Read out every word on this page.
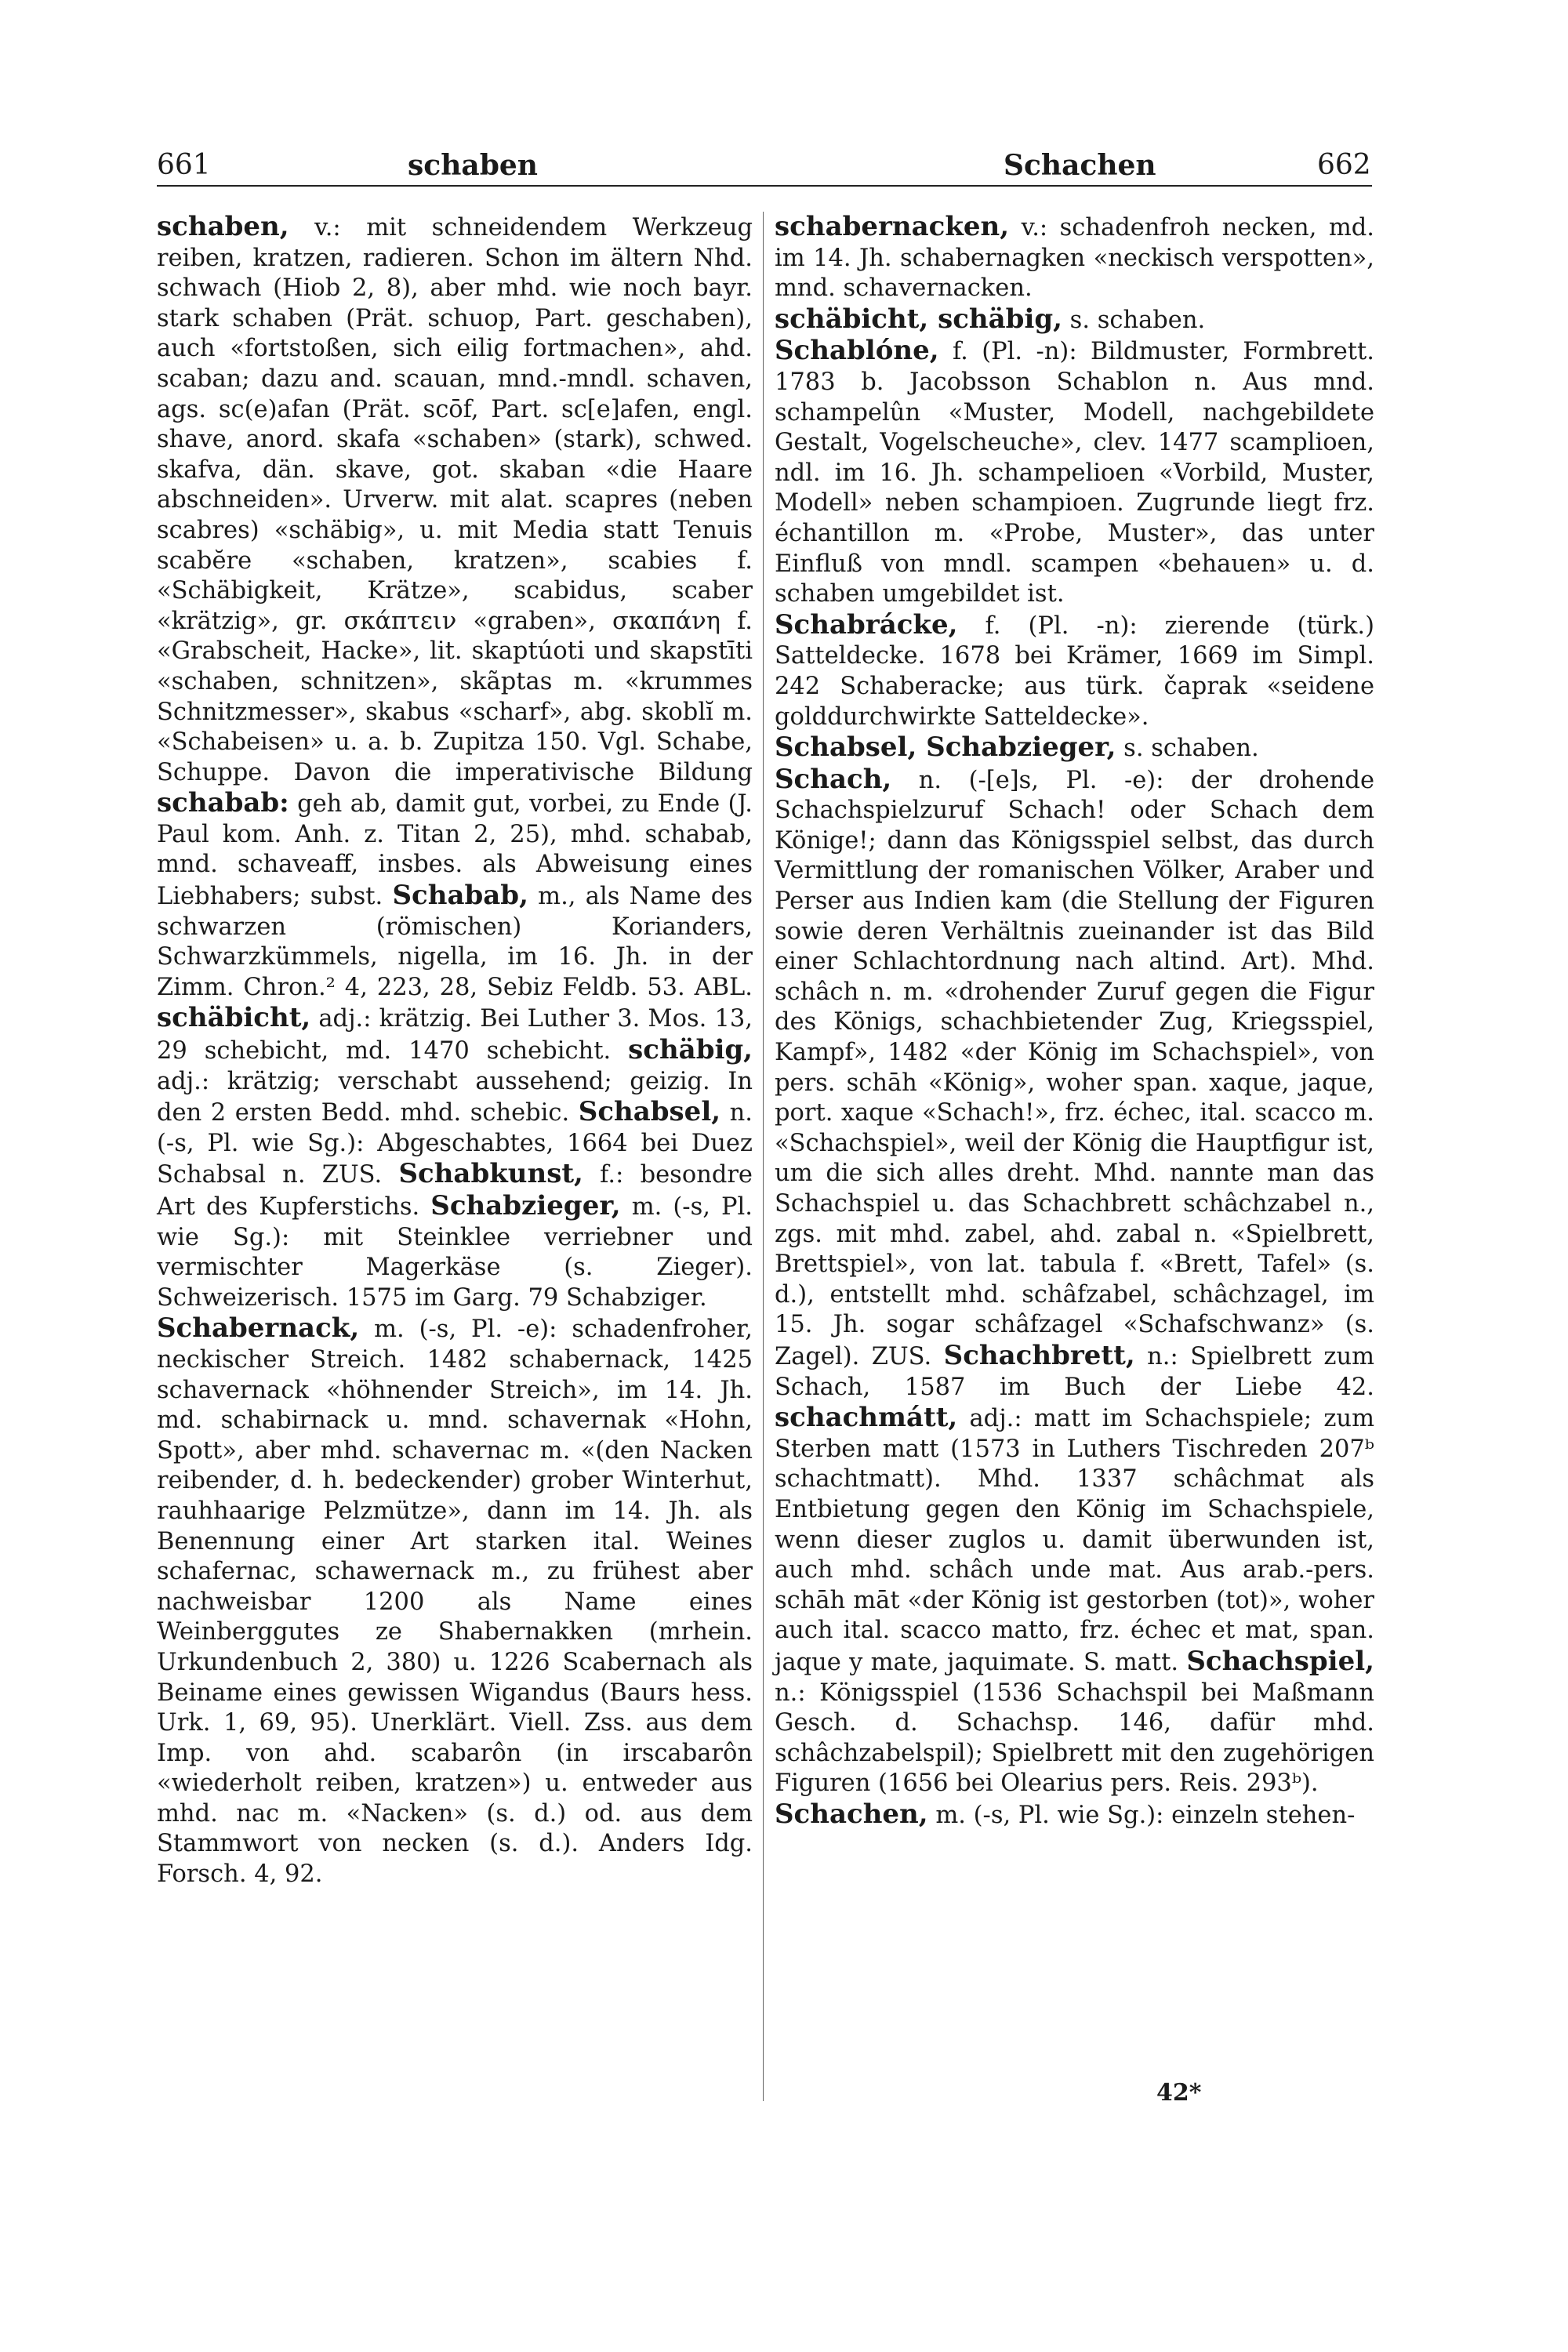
661	schaben	Schachen	662
schaben, v.: mit schneidendem Werkzeug reiben, kratzen, radieren. Schon im ältern Nhd. schwach (Hiob 2, 8), aber mhd. wie noch bayr. stark schaben (Prät. schuop, Part. geschaben), auch «fortstoßen, sich eilig fortmachen», ahd. scaban; dazu and. scauan, mnd.-mndl. schaven, ags. sc(e)afan (Prät. scōf, Part. sc[e]afen, engl. shave, anord. skafa «schaben» (stark), schwed. skafva, dän. skave, got. skaban «die Haare abschneiden». Urverw. mit alat. scapres (neben scabres) «schäbig», u. mit Media statt Tenuis scabĕre «schaben, kratzen», scabies f. «Schäbigkeit, Krätze», scabidus, scaber «krätzig», gr. σκάπτειν «graben», σκαπάνη f. «Grabscheit, Hacke», lit. skaptúoti und skapstīti «schaben, schnitzen», skãptas m. «krummes Schnitzmesser», skabus «scharf», abg. skoblĭ m. «Schabeisen» u. a. b. Zupitza 150. Vgl. Schabe, Schuppe. Davon die imperativische Bildung schabab: geh ab, damit gut, vorbei, zu Ende (J. Paul kom. Anh. z. Titan 2, 25), mhd. schabab, mnd. schaveaff, insbes. als Abweisung eines Liebhabers; subst. Schabab, m., als Name des schwarzen (römischen) Korianders, Schwarzkümmels, nigella, im 16. Jh. in der Zimm. Chron.² 4, 223, 28, Sebiz Feldb. 53. ABL. schäbicht, adj.: krätzig. Bei Luther 3. Mos. 13, 29 schebicht, md. 1470 schebicht. schäbig, adj.: krätzig; verschabt aussehend; geizig. In den 2 ersten Bedd. mhd. schebic. Schabsel, n. (-s, Pl. wie Sg.): Abgeschabtes, 1664 bei Duez Schabsal n. ZUS. Schabkunst, f.: besondre Art des Kupferstichs. Schabzieger, m. (-s, Pl. wie Sg.): mit Steinklee verriebner und vermischter Magerkäse (s. Zieger). Schweizerisch. 1575 im Garg. 79 Schabziger.
Schabernack, m. (-s, Pl. -e): schadenfroher, neckischer Streich. 1482 schabernack, 1425 schavernack «höhnender Streich», im 14. Jh. md. schabirnack u. mnd. schavernak «Hohn, Spott», aber mhd. schavernac m. «(den Nacken reibender, d. h. bedeckender) grober Winterhut, rauhhaarige Pelzmütze», dann im 14. Jh. als Benennung einer Art starken ital. Weines schafernac, schawernack m., zu frühest aber nachweisbar 1200 als Name eines Weinberggutes ze Shabernakken (mrhein. Urkundenbuch 2, 380) u. 1226 Scabernach als Beiname eines gewissen Wigandus (Baurs hess. Urk. 1, 69, 95). Unerklärt. Viell. Zss. aus dem Imp. von ahd. scabarôn (in irscabarôn «wiederholt reiben, kratzen») u. entweder aus mhd. nac m. «Nacken» (s. d.) od. aus dem Stammwort von necken (s. d.). Anders Idg. Forsch. 4, 92.
schabernacken, v.: schadenfroh necken, md. im 14. Jh. schabernagken «neckisch verspotten», mnd. schavernacken.
schäbicht, schäbig, s. schaben.
Schablóne, f. (Pl. -n): Bildmuster, Formbrett. 1783 b. Jacobsson Schablon n. Aus mnd. schampelûn «Muster, Modell, nachgebildete Gestalt, Vogelscheuche», clev. 1477 scamplioen, ndl. im 16. Jh. schampelioen «Vorbild, Muster, Modell» neben schampioen. Zugrunde liegt frz. échantillon m. «Probe, Muster», das unter Einfluß von mndl. scampen «behauen» u. d. schaben umgebildet ist.
Schabrácke, f. (Pl. -n): zierende (türk.) Satteldecke. 1678 bei Krämer, 1669 im Simpl. 242 Schaberacke; aus türk. čaprak «seidene golddurchwirkte Satteldecke».
Schabsel, Schabzieger, s. schaben.
Schach, n. (-[e]s, Pl. -e): der drohende Schachspielzuruf Schach! oder Schach dem Könige!; dann das Königsspiel selbst, das durch Vermittlung der romanischen Völker, Araber und Perser aus Indien kam (die Stellung der Figuren sowie deren Verhältnis zueinander ist das Bild einer Schlachtordnung nach altind. Art). Mhd. schâch n. m. «drohender Zuruf gegen die Figur des Königs, schachbietender Zug, Kriegsspiel, Kampf», 1482 «der König im Schachspiel», von pers. schāh «König», woher span. xaque, jaque, port. xaque «Schach!», frz. échec, ital. scacco m. «Schachspiel», weil der König die Hauptfigur ist, um die sich alles dreht. Mhd. nannte man das Schachspiel u. das Schachbrett schâchzabel n., zgs. mit mhd. zabel, ahd. zabal n. «Spielbrett, Brettspiel», von lat. tabula f. «Brett, Tafel» (s. d.), entstellt mhd. schâfzabel, schâchzagel, im 15. Jh. sogar schâfzagel «Schafschwanz» (s. Zagel). ZUS. Schachbrett, n.: Spielbrett zum Schach, 1587 im Buch der Liebe 42. schachmátt, adj.: matt im Schachspiele; zum Sterben matt (1573 in Luthers Tischreden 207ᵇ schachtmatt). Mhd. 1337 schâchmat als Entbietung gegen den König im Schachspiele, wenn dieser zuglos u. damit überwunden ist, auch mhd. schâch unde mat. Aus arab.-pers. schāh māt «der König ist gestorben (tot)», woher auch ital. scacco matto, frz. échec et mat, span. jaque y mate, jaquimate. S. matt. Schachspiel, n.: Königsspiel (1536 Schachspil bei Maßmann Gesch. d. Schachsp. 146, dafür mhd. schâchzabelspil); Spielbrett mit den zugehörigen Figuren (1656 bei Olearius pers. Reis. 293ᵇ).
Schachen, m. (-s, Pl. wie Sg.): einzeln stehen-
42*
